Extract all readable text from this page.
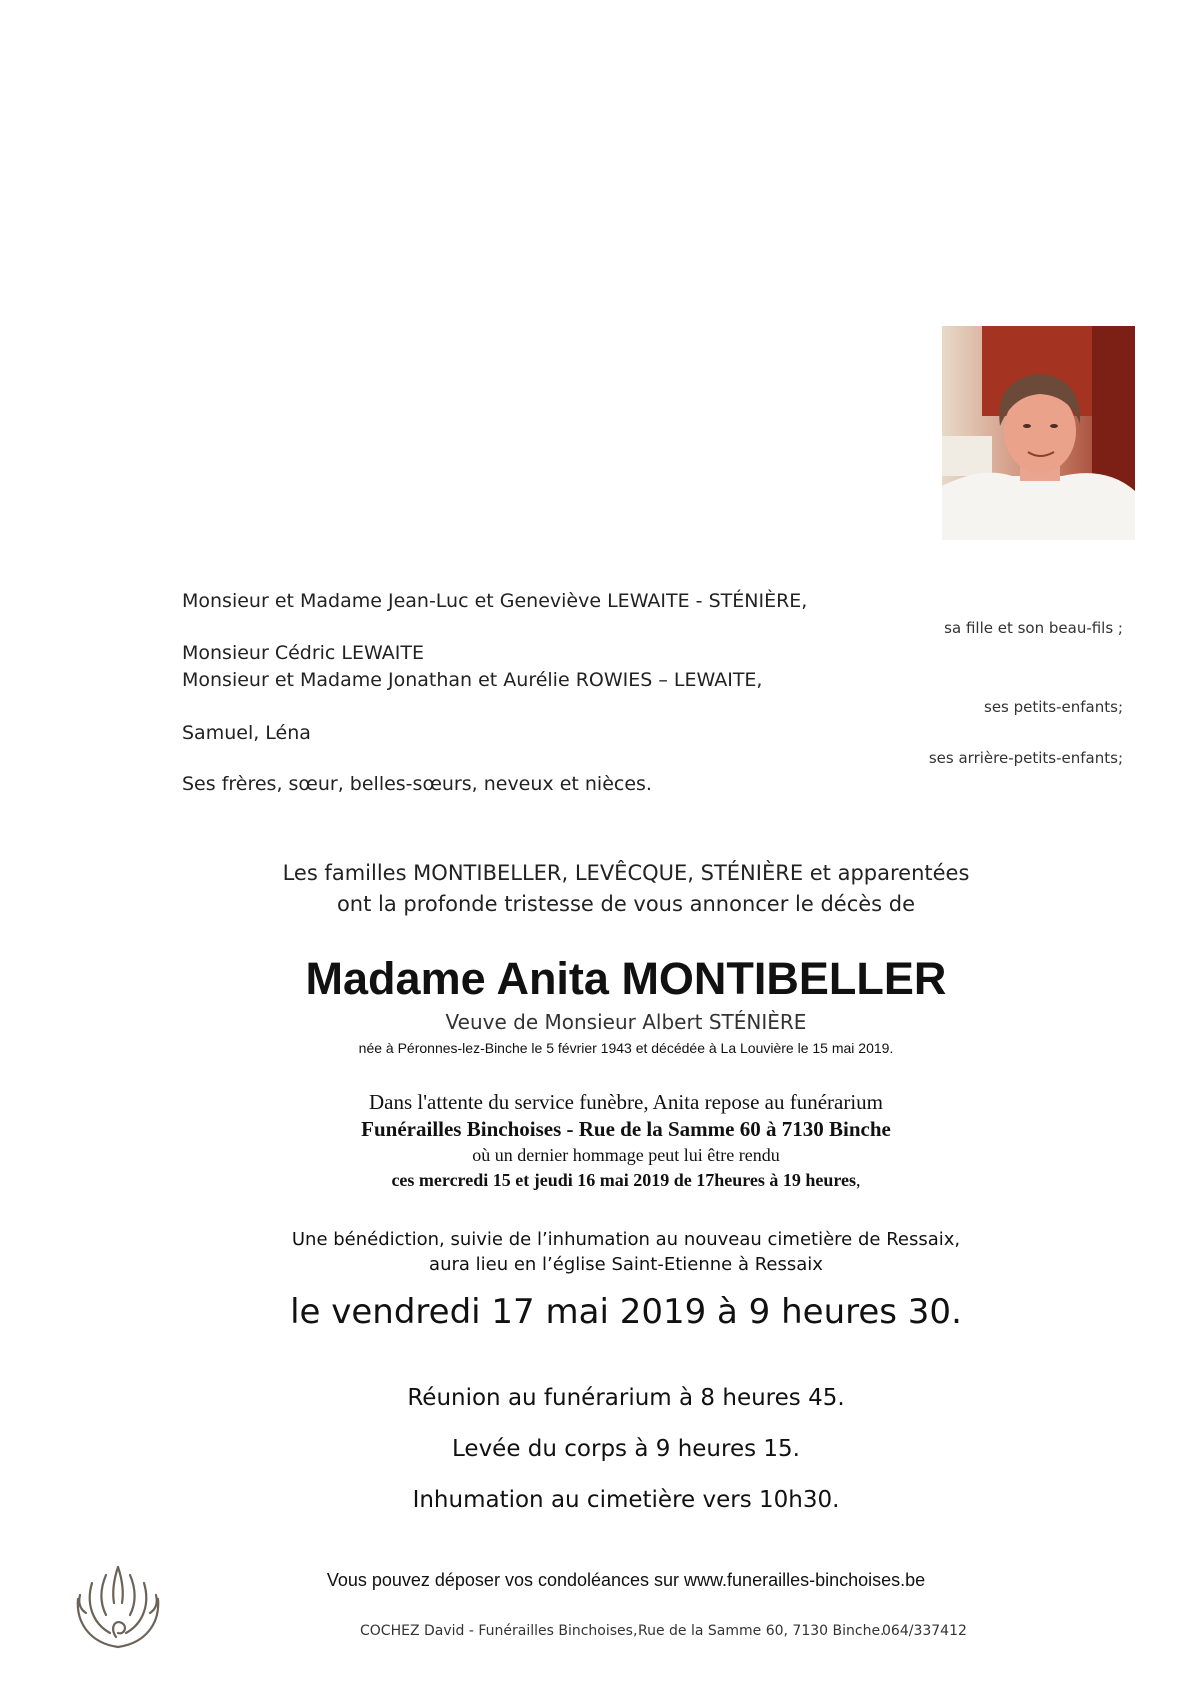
Monsieur et Madame Jean-Luc et Geneviève LEWAITE - STÉNIÈRE,
sa fille et son beau-fils ;
Monsieur Cédric LEWAITE
Monsieur et Madame Jonathan et Aurélie ROWIES – LEWAITE,
ses petits-enfants;
Samuel, Léna
ses arrière-petits-enfants;
Ses frères, sœur, belles-sœurs, neveux et nièces.
Les familles MONTIBELLER, LEVÊCQUE, STÉNIÈRE et apparentées
ont la profonde tristesse de vous annoncer le décès de
Madame Anita MONTIBELLER
Veuve de Monsieur Albert STÉNIÈRE
née à Péronnes-lez-Binche le 5 février 1943 et décédée à La Louvière le 15 mai 2019.
Dans l'attente du service funèbre, Anita repose au funérarium
Funérailles Binchoises - Rue de la Samme 60 à 7130 Binche
où un dernier hommage peut lui être rendu
ces mercredi 15 et jeudi 16 mai 2019 de 17heures à 19 heures,
Une bénédiction, suivie de l’inhumation au nouveau cimetière de Ressaix,
aura lieu en l’église Saint-Etienne à Ressaix
le vendredi 17 mai 2019 à 9 heures 30.
Réunion au funérarium à 8 heures 45.
Levée du corps à 9 heures 15.
Inhumation au cimetière vers 10h30.
Vous pouvez déposer vos condoléances sur www.funerailles-binchoises.be
COCHEZ David - Funérailles Binchoises, Rue de la Samme 60, 7130 Binche.
064/337412
